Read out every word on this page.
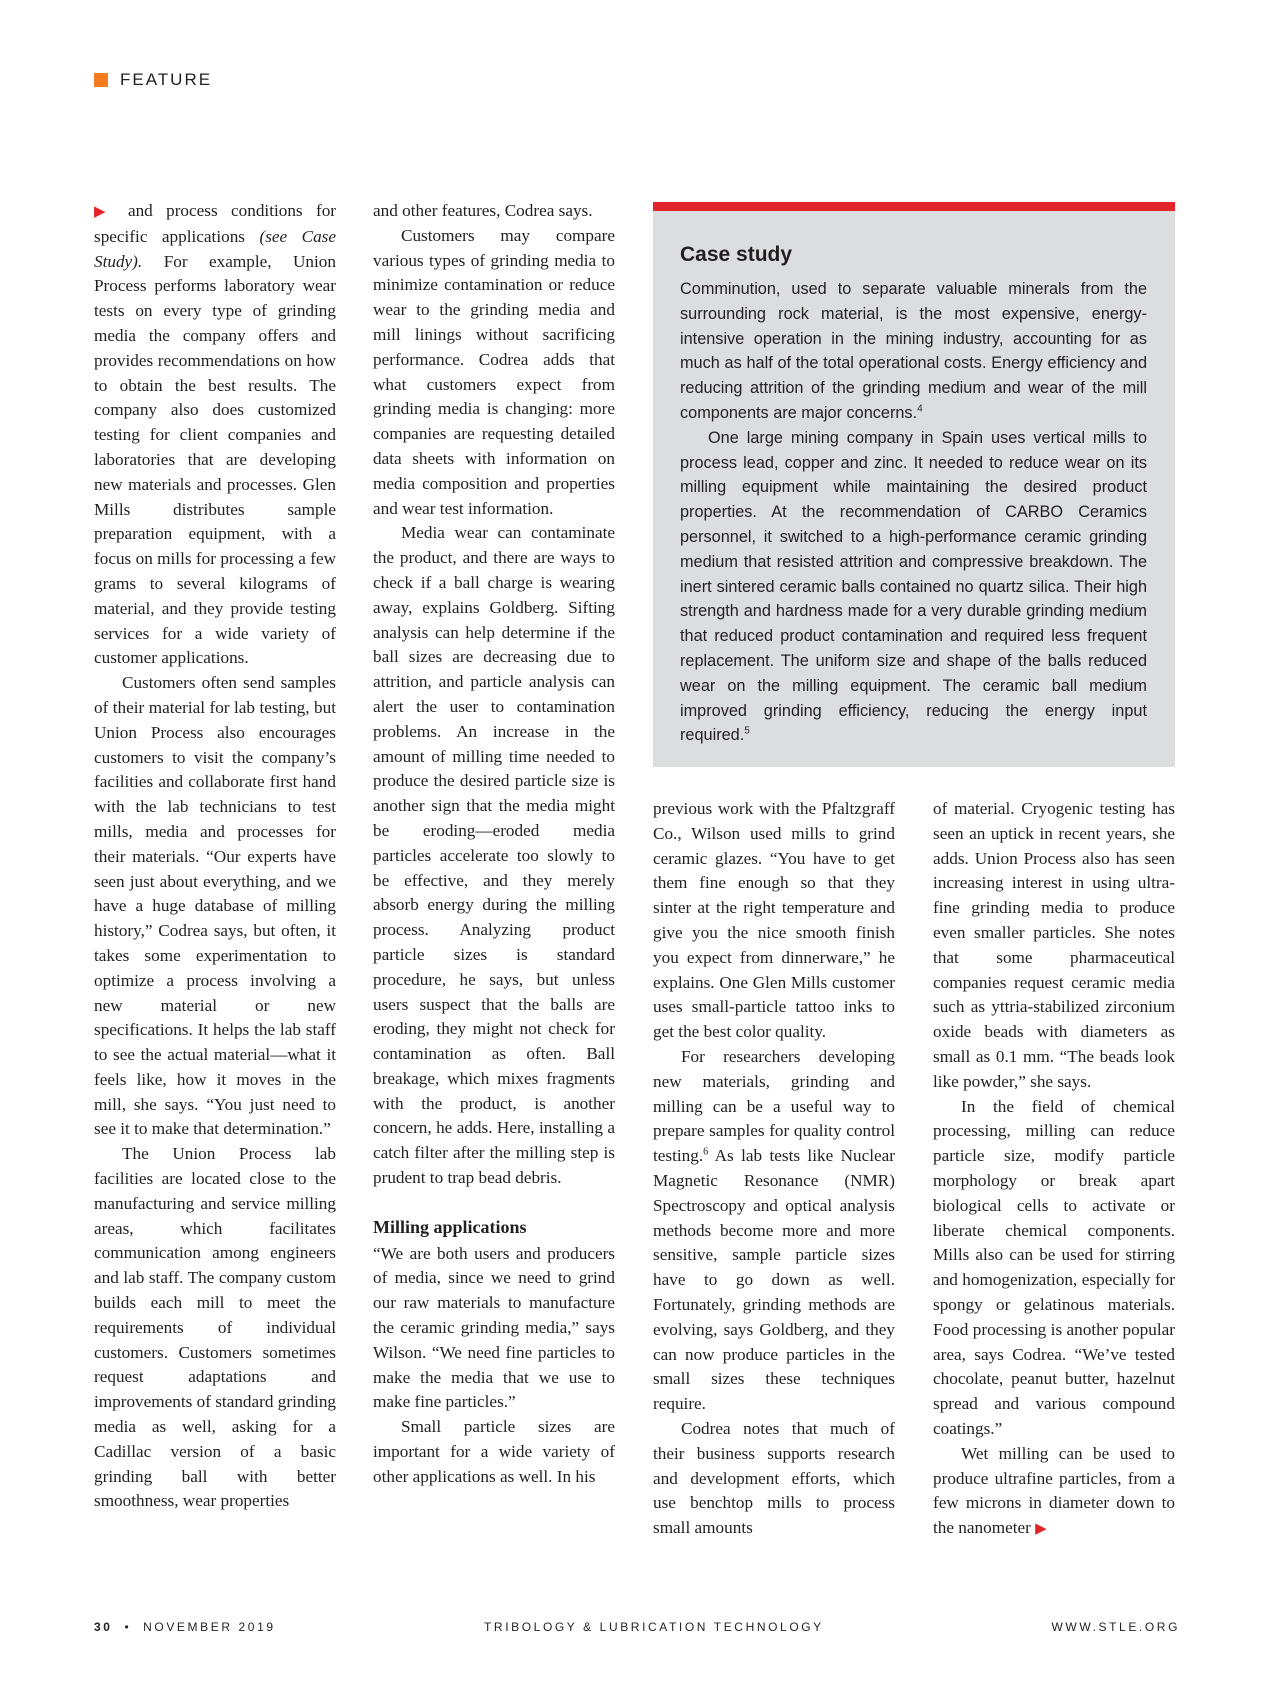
FEATURE

▶ and process conditions for specific applications (see Case Study). For example, Union Process performs laboratory wear tests on every type of grinding media the company offers and provides recommendations on how to obtain the best results. The company also does customized testing for client companies and laboratories that are developing new materials and processes. Glen Mills distributes sample preparation equipment, with a focus on mills for processing a few grams to several kilograms of material, and they provide testing services for a wide variety of customer applications.

Customers often send samples of their material for lab testing, but Union Process also encourages customers to visit the company’s facilities and collaborate first hand with the lab technicians to test mills, media and processes for their materials. “Our experts have seen just about everything, and we have a huge database of milling history,” Codrea says, but often, it takes some experimentation to optimize a process involving a new material or new specifications. It helps the lab staff to see the actual material—what it feels like, how it moves in the mill, she says. “You just need to see it to make that determination.”

The Union Process lab facilities are located close to the manufacturing and service milling areas, which facilitates communication among engineers and lab staff. The company custom builds each mill to meet the requirements of individual customers. Customers sometimes request adaptations and improvements of standard grinding media as well, asking for a Cadillac version of a basic grinding ball with better smoothness, wear properties

and other features, Codrea says.

Customers may compare various types of grinding media to minimize contamination or reduce wear to the grinding media and mill linings without sacrificing performance. Codrea adds that what customers expect from grinding media is changing: more companies are requesting detailed data sheets with information on media composition and properties and wear test information.

Media wear can contaminate the product, and there are ways to check if a ball charge is wearing away, explains Goldberg. Sifting analysis can help determine if the ball sizes are decreasing due to attrition, and particle analysis can alert the user to contamination problems. An increase in the amount of milling time needed to produce the desired particle size is another sign that the media might be eroding—eroded media particles accelerate too slowly to be effective, and they merely absorb energy during the milling process. Analyzing product particle sizes is standard procedure, he says, but unless users suspect that the balls are eroding, they might not check for contamination as often. Ball breakage, which mixes fragments with the product, is another concern, he adds. Here, installing a catch filter after the milling step is prudent to trap bead debris.

Milling applications

“We are both users and producers of media, since we need to grind our raw materials to manufacture the ceramic grinding media,” says Wilson. “We need fine particles to make the media that we use to make fine particles.”

Small particle sizes are important for a wide variety of other applications as well. In his

Case study

Comminution, used to separate valuable minerals from the surrounding rock material, is the most expensive, energy-intensive operation in the mining industry, accounting for as much as half of the total operational costs. Energy efficiency and reducing attrition of the grinding medium and wear of the mill components are major concerns.$^4$

One large mining company in Spain uses vertical mills to process lead, copper and zinc. It needed to reduce wear on its milling equipment while maintaining the desired product properties. At the recommendation of CARBO Ceramics personnel, it switched to a high-performance ceramic grinding medium that resisted attrition and compressive breakdown. The inert sintered ceramic balls contained no quartz silica. Their high strength and hardness made for a very durable grinding medium that reduced product contamination and required less frequent replacement. The uniform size and shape of the balls reduced wear on the milling equipment. The ceramic ball medium improved grinding efficiency, reducing the energy input required.$^5$

previous work with the Pfaltzgraff Co., Wilson used mills to grind ceramic glazes. “You have to get them fine enough so that they sinter at the right temperature and give you the nice smooth finish you expect from dinnerware,” he explains. One Glen Mills customer uses small-particle tattoo inks to get the best color quality.

For researchers developing new materials, grinding and milling can be a useful way to prepare samples for quality control testing.$^6$ As lab tests like Nuclear Magnetic Resonance (NMR) Spectroscopy and optical analysis methods become more and more sensitive, sample particle sizes have to go down as well. Fortunately, grinding methods are evolving, says Goldberg, and they can now produce particles in the small sizes these techniques require.

Codrea notes that much of their business supports research and development efforts, which use benchtop mills to process small amounts

of material. Cryogenic testing has seen an uptick in recent years, she adds. Union Process also has seen increasing interest in using ultra-fine grinding media to produce even smaller particles. She notes that some pharmaceutical companies request ceramic media such as yttria-stabilized zirconium oxide beads with diameters as small as 0.1 mm. “The beads look like powder,” she says.

In the field of chemical processing, milling can reduce particle size, modify particle morphology or break apart biological cells to activate or liberate chemical components. Mills also can be used for stirring and homogenization, especially for spongy or gelatinous materials. Food processing is another popular area, says Codrea. “We’ve tested chocolate, peanut butter, hazelnut spread and various compound coatings.”

Wet milling can be used to produce ultrafine particles, from a few microns in diameter down to the nanometer ▶

30 • NOVEMBER 2019	TRIBOLOGY & LUBRICATION TECHNOLOGY	WWW.STLE.ORG
